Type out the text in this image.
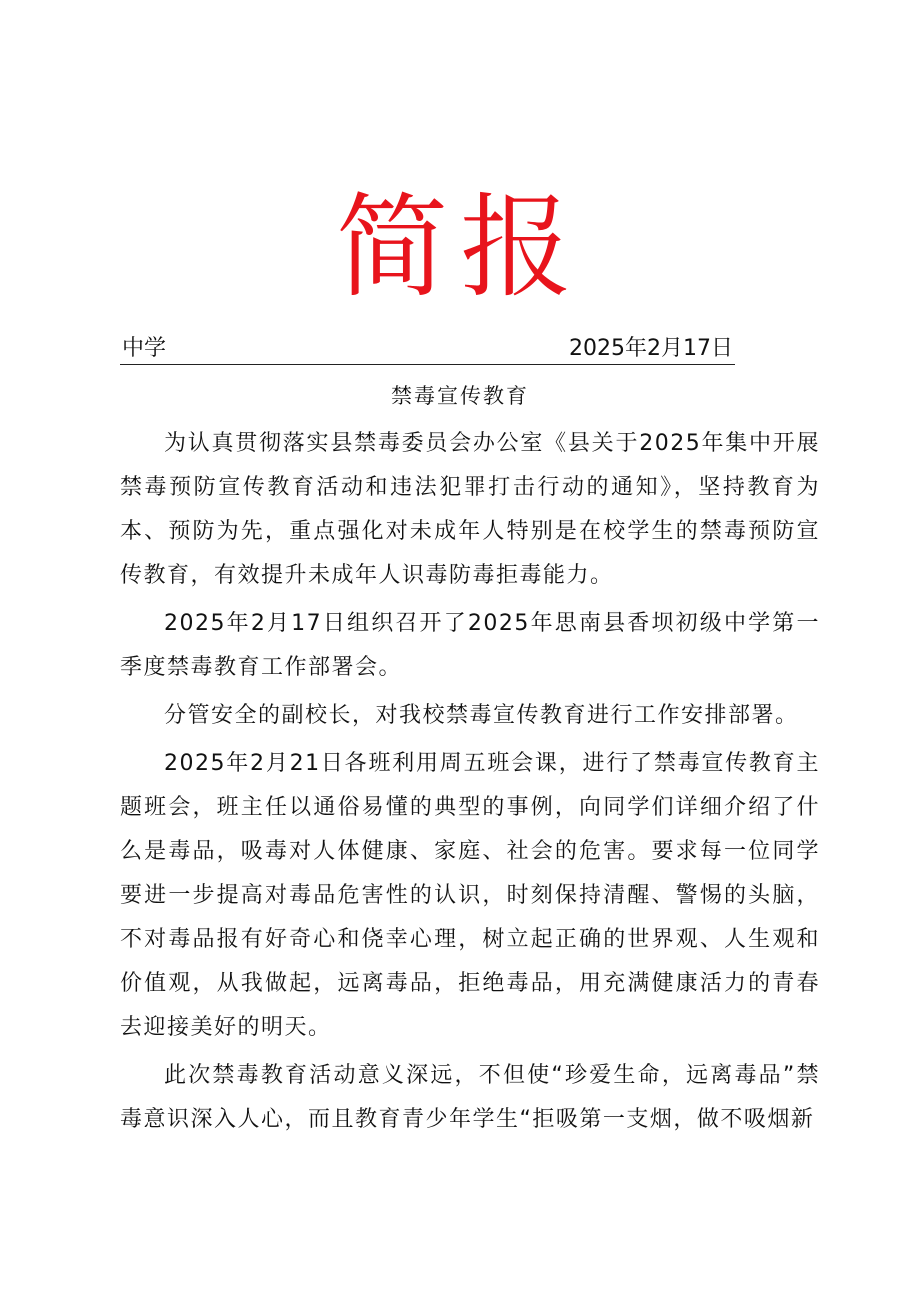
简报
中学	2025年2月17日
禁毒宣传教育

为认真贯彻落实县禁毒委员会办公室《县关于2025年集中开展禁毒预防宣传教育活动和违法犯罪打击行动的通知》，坚持教育为本、预防为先，重点强化对未成年人特别是在校学生的禁毒预防宣传教育，有效提升未成年人识毒防毒拒毒能力。

2025年2月17日组织召开了2025年思南县香坝初级中学第一季度禁毒教育工作部署会。

分管安全的副校长，对我校禁毒宣传教育进行工作安排部署。

2025年2月21日各班利用周五班会课，进行了禁毒宣传教育主题班会，班主任以通俗易懂的典型的事例，向同学们详细介绍了什么是毒品，吸毒对人体健康、家庭、社会的危害。要求每一位同学要进一步提高对毒品危害性的认识，时刻保持清醒、警惕的头脑，不对毒品报有好奇心和侥幸心理，树立起正确的世界观、人生观和价值观，从我做起，远离毒品，拒绝毒品，用充满健康活力的青春去迎接美好的明天。

此次禁毒教育活动意义深远，不但使“珍爱生命，远离毒品”禁毒意识深入人心，而且教育青少年学生“拒吸第一支烟，做不吸烟新
